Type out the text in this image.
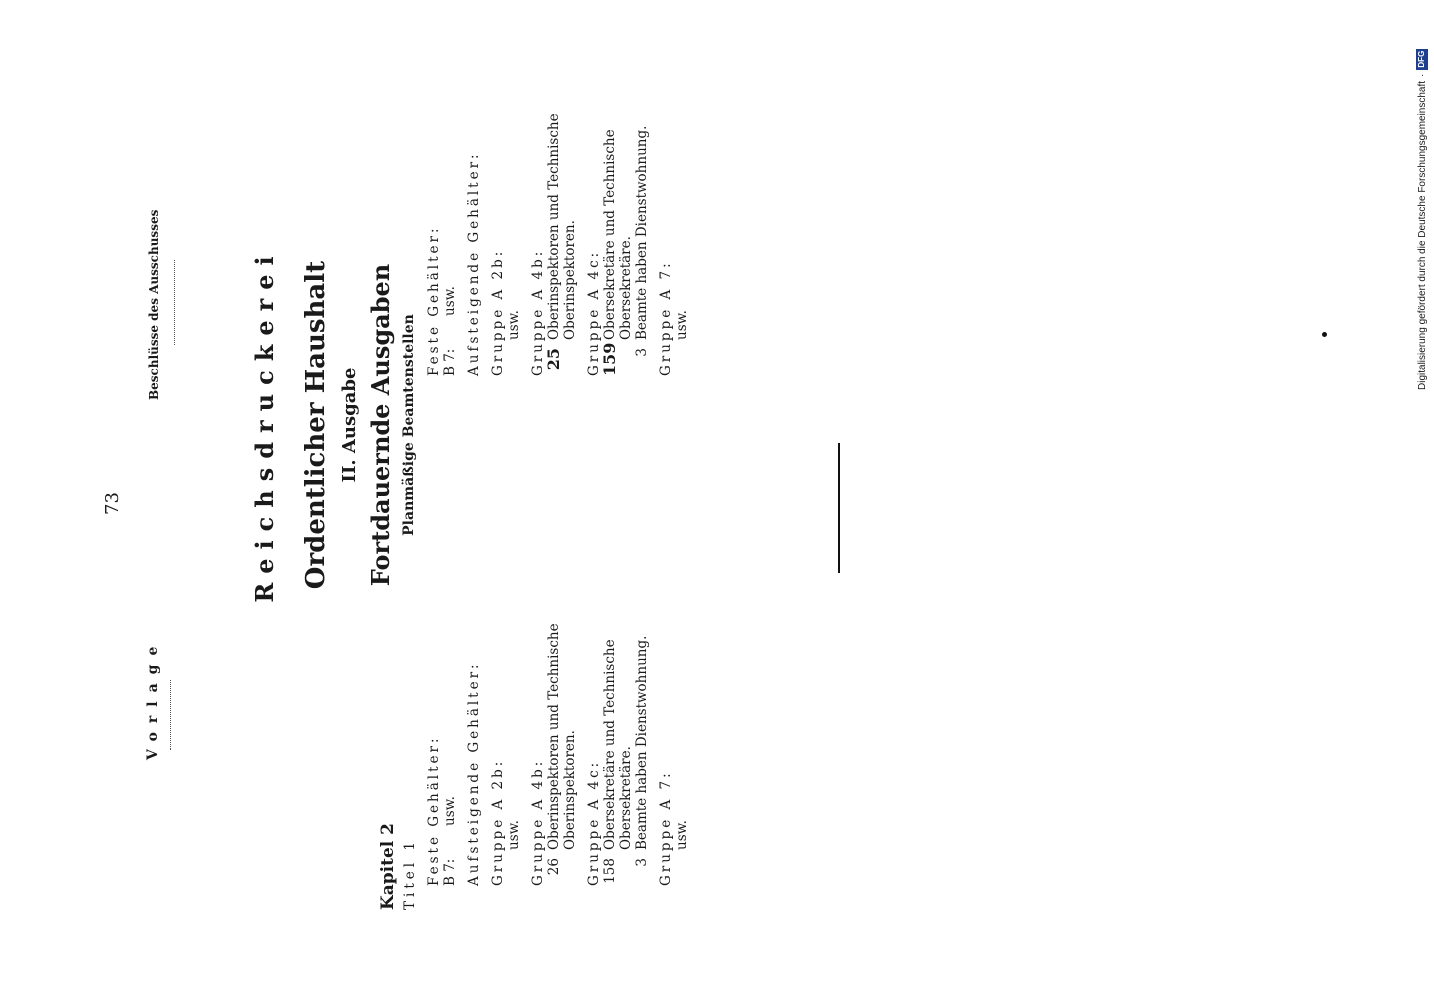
Vorlage
73
Beschlüsse des Ausschusses	Reichsdruckerei Ordentlicher Haushalt II. Ausgabe Fortdauernde Ausgaben Planmäßige Beamtenstellen
Kapitel 2 Titel 1 Feste Gehälter: B 7:
usw. Aufsteigende Gehälter: Gruppe A 2b: usw. Gruppe A 4b: 26
Oberinspektoren und Technische Oberinspektoren. Gruppe A 4c: 158
Obersekretäre und Technische Obersekretäre.
3
Beamte haben Dienstwohnung. Gruppe A 7: usw.

Feste Gehälter: B 7:
usw. Aufsteigende Gehälter: Gruppe A 2b: usw. Gruppe A 4b:
25
Oberinspektoren und Technische Oberinspektoren. Gruppe A 4c:
159
Obersekretäre und Technische Obersekretäre.
3
Beamte haben Dienstwohnung. Gruppe A 7: usw.	Digitalisierung gefördert durch die Deutsche Forschungsgemeinschaft
·
DFG
